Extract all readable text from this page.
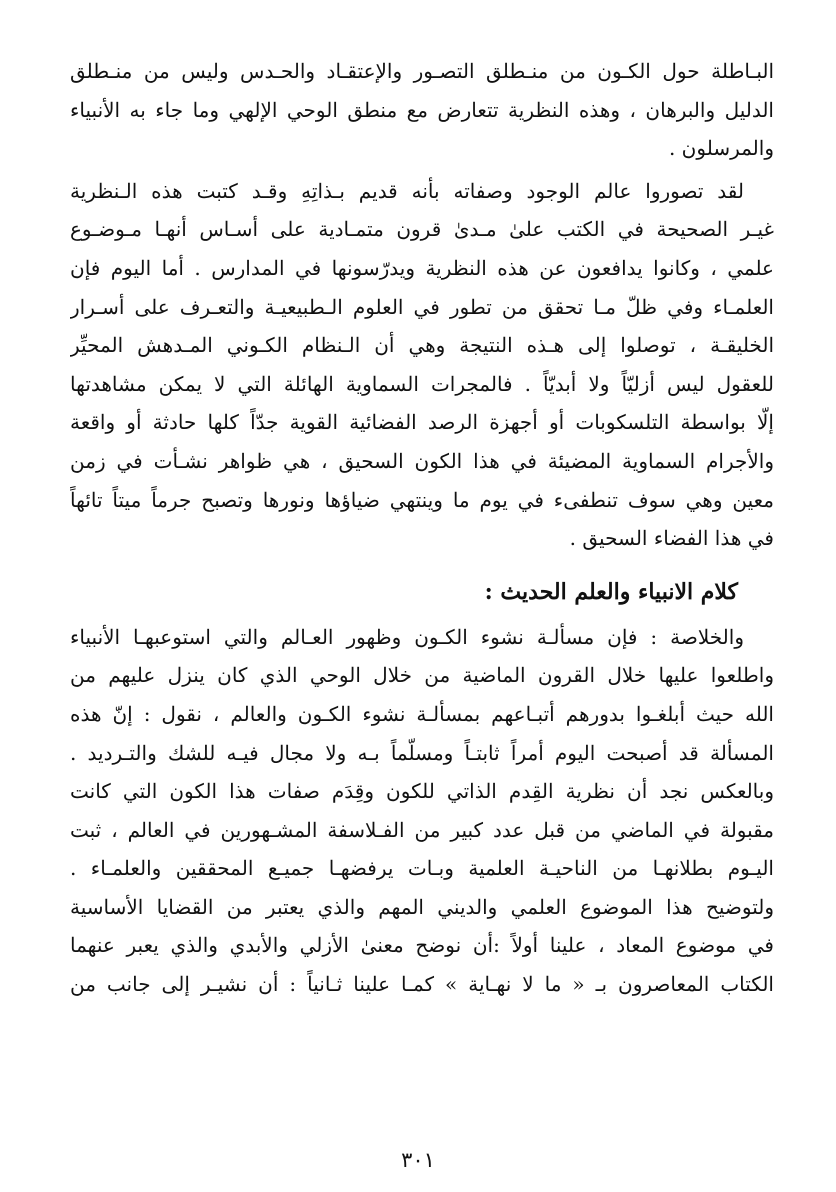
البـاطلة حول الكـون من منـطلق التصـور والإعتقـاد والحـدس وليس من منـطلق
الدليل والبرهان ، وهذه النظرية تتعارض مع منطق الوحي الإلهي وما جاء به الأنبياء
والمرسلون .
لقد تصوروا عالم الوجود وصفاته بأنه قديم بـذاتِهِ وقـد كتبت هذه الـنظرية
غيـر الصحيحة في الكتب علىٰ مـدىٰ قرون متمـادية على أسـاس أنهـا مـوضـوع
علمي ، وكانوا يدافعون عن هذه النظرية ويدرّسونها في المدارس . أما اليوم فإن
العلمـاء وفي ظلّ مـا تحقق من تطور في العلوم الـطبيعيـة والتعـرف على أسـرار
الخليقـة ، توصلوا إلى هـذه النتيجة وهي أن الـنظام الكـوني المـدهش المحيِّر
للعقول ليس أزليّاً ولا أبديّاً . فالمجرات السماوية الهائلة التي لا يمكن مشاهدتها
إلّا بواسطة التلسكوبات أو أجهزة الرصد الفضائية القوية جدّاً كلها حادثة أو واقعة
والأجرام السماوية المضيئة في هذا الكون السحيق ، هي ظواهر نشـأت في زمن
معين وهي سوف تنطفىء في يوم ما وينتهي ضياؤها ونورها وتصبح جرماً ميتاً تائهاً
في هذا الفضاء السحيق .
كلام الانبياء والعلم الحديث :
والخلاصة : فإن مسألـة نشوء الكـون وظهور العـالم والتي استوعبهـا الأنبياء
واطلعوا عليها خلال القرون الماضية من خلال الوحي الذي كان ينزل عليهم من
الله حيث أبلغـوا بدورهم أتبـاعهم بمسألـة نشوء الكـون والعالم ، نقول : إنّ هذه
المسألة قد أصبحت اليوم أمراً ثابتـاً ومسلّماً بـه ولا مجال فيـه للشك والتـرديد .
وبالعكس نجد أن نظرية القِدم الذاتي للكون وقِدَم صفات هذا الكون التي كانت
مقبولة في الماضي من قبل عدد كبير من الفـلاسفة المشـهورين في العالم ، ثبت
اليـوم بطلانهـا من الناحيـة العلمية وبـات يرفضهـا جميـع المحققين والعلمـاء .
ولتوضيح هذا الموضوع العلمي والديني المهم والذي يعتبر من القضايا الأساسية
في موضوع المعاد ، علينا أولاً :أن نوضح معنىٰ الأزلي والأبدي والذي يعبر عنهما
الكتاب المعاصرون بـ « ما لا نهـاية » كمـا علينا ثـانياً : أن نشيـر إلى جانب من
٣٠١
